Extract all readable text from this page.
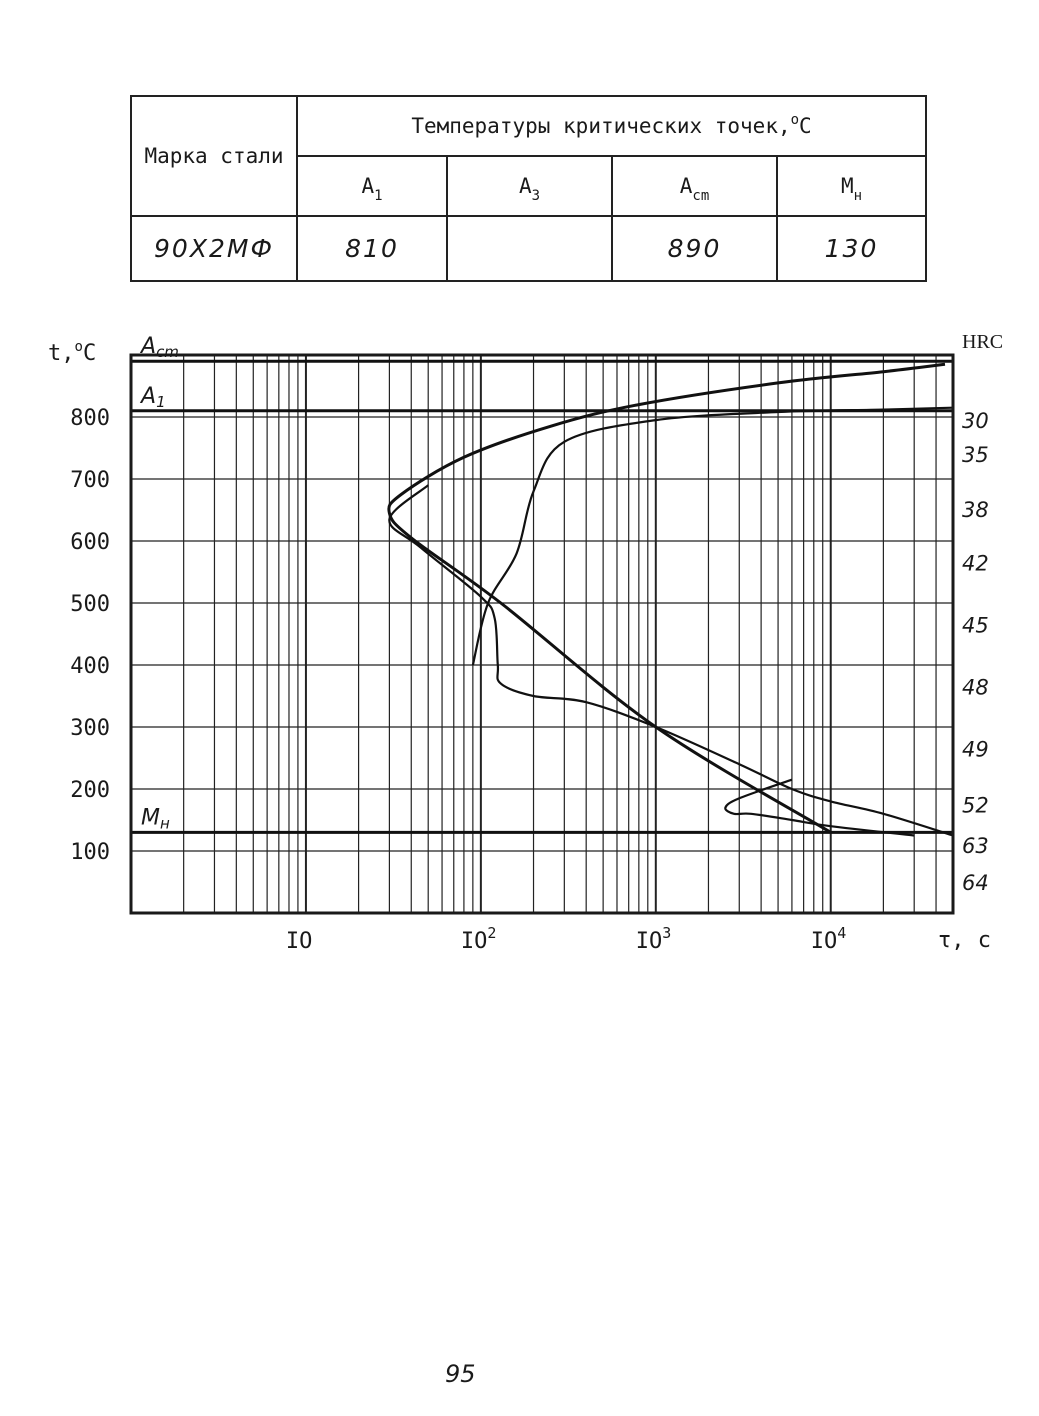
Марка стали	Температуры критических точек,$^o$C			
	$A_1$	$A_3$	$A_{cm}$	$M_н$
90Х2МФ	810		890	130
Acm
A1
Mн
100
200
300
400
500
600
700
800
IO	$IO^2$	$IO^3$	$IO^4$
30
35
38
42
45
48
49
52
63
64
t,$^o$C
τ, c
HRC
95
